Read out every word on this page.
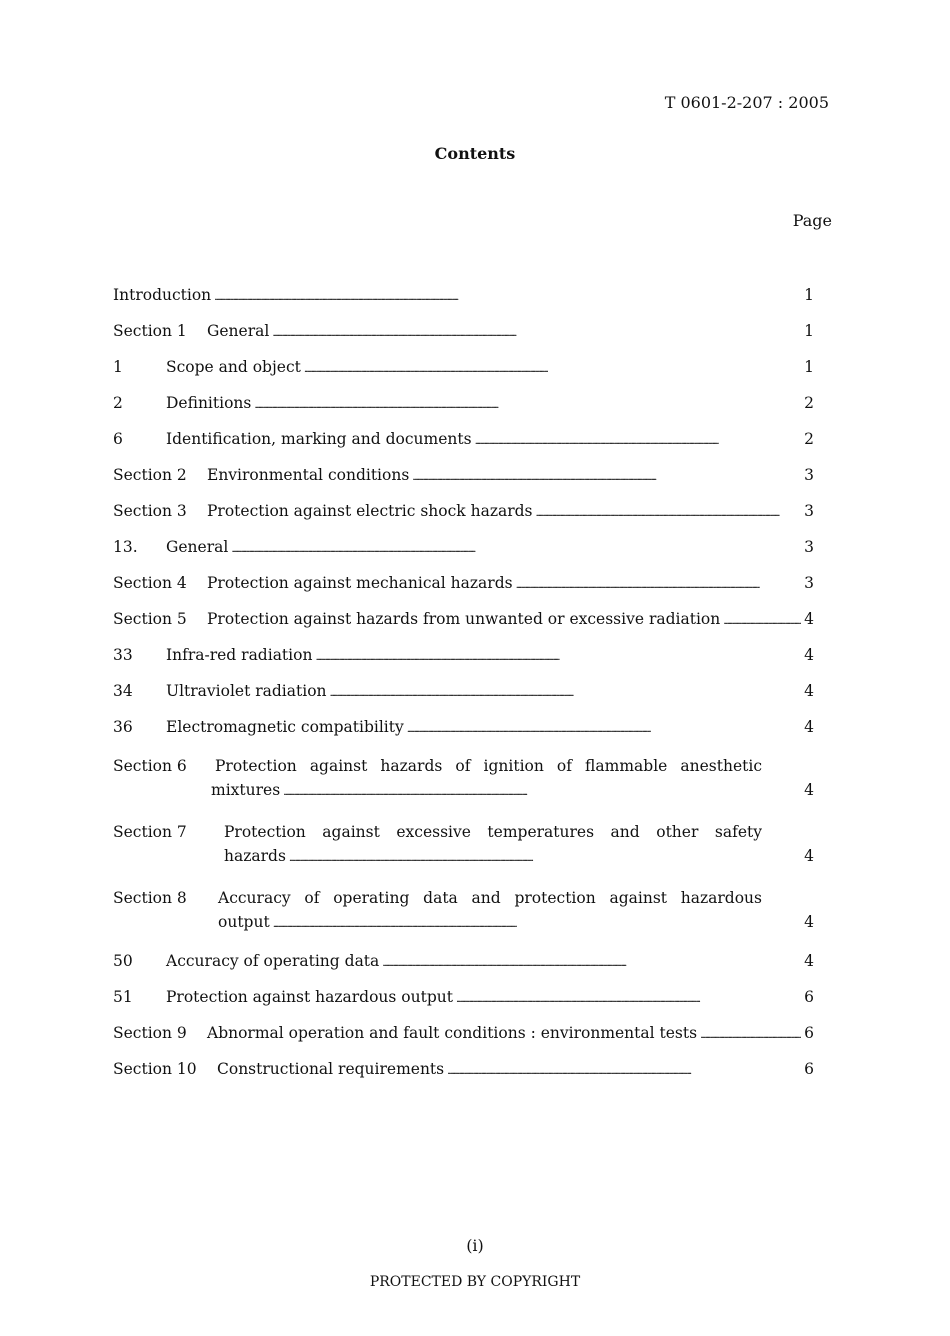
T 0601-2-207 : 2005
Contents
Page
Introduction . . .	1
Section 1 General . . .	1
1	Scope and object . . .	1
2	Definitions . . .	2
6	Identification, marking and documents . . .	2
Section 2 Environmental conditions . . .	3
Section 3 Protection against electric shock hazards . . .	3
13. General . . .	3
Section 4 Protection against mechanical hazards . . .	3
Section 5 Protection against hazards from unwanted or excessive radiation . . .	4
33 Infra-red radiation . . .	4
34 Ultraviolet radiation . . .	4
36 Electromagnetic compatibility . . .	4
Section 6	Protection against hazards of ignition of flammable anesthetic
mixtures . . .	4
Section 7	Protection against excessive temperatures and other safety
hazards . . .	4
Section 8	Accuracy of operating data and protection against hazardous
output . . .	4
50 Accuracy of operating data . . .	4
51 Protection against hazardous output . . .	6
Section 9 Abnormal operation and fault conditions : environmental tests . . .	6
Section 10 Constructional requirements . . .	6
(i)
PROTECTED BY COPYRIGHT
